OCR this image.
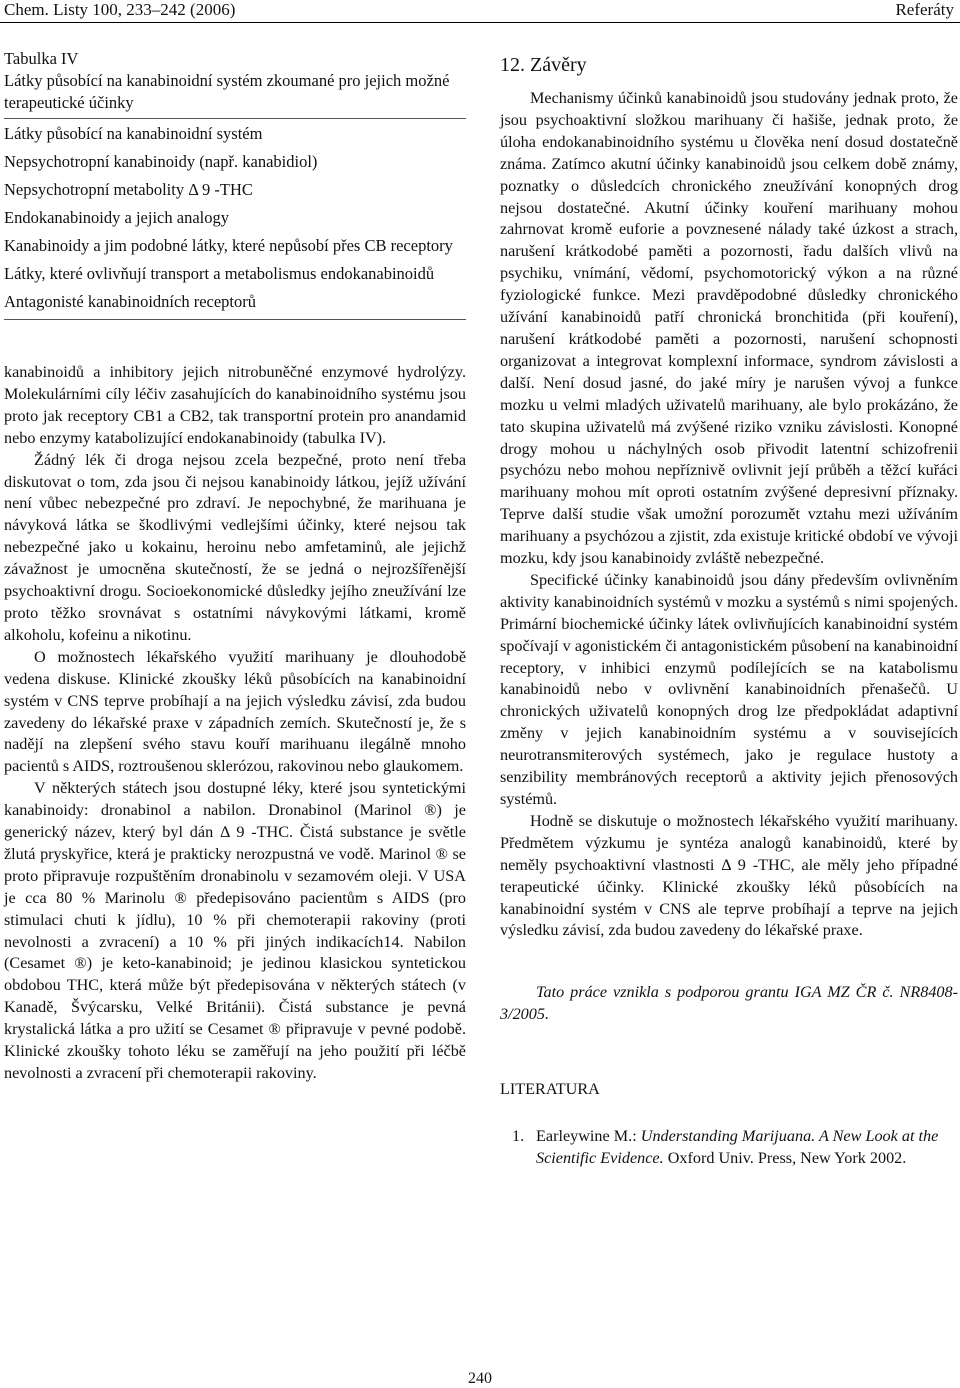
Chem. Listy 100, 233–242 (2006)	Referáty

Tabulka IV

Látky působící na kanabinoidní systém zkoumané pro jejich možné terapeutické účinky

Látky působící na kanabinoidní systém

Nepsychotropní kanabinoidy (např. kanabidiol)

Nepsychotropní metabolity Δ 9 -THC

Endokanabinoidy a jejich analogy

Kanabinoidy a jim podobné látky, které nepůsobí přes CB receptory

Látky, které ovlivňují transport a metabolismus endokanabinoidů

Antagonisté kanabinoidních receptorů

kanabinoidů a inhibitory jejich nitrobuněčné enzymové hydrolýzy. Molekulárními cíly léčiv zasahujících do kanabinoidního systému jsou proto jak receptory CB1 a CB2, tak transportní protein pro anandamid nebo enzymy katabolizující endokanabinoidy (tabulka IV).

Žádný lék či droga nejsou zcela bezpečné, proto není třeba diskutovat o tom, zda jsou či nejsou kanabinoidy látkou, jejíž užívání není vůbec nebezpečné pro zdraví. Je nepochybné, že marihuana je návyková látka se škodlivými vedlejšími účinky, které nejsou tak nebezpečné jako u kokainu, heroinu nebo amfetaminů, ale jejichž závažnost je umocněna skutečností, že se jedná o nejrozšířenější psychoaktivní drogu. Socioekonomické důsledky jejího zneužívání lze proto těžko srovnávat s ostatními návykovými látkami, kromě alkoholu, kofeinu a nikotinu.

O možnostech lékařského využití marihuany je dlouhodobě vedena diskuse. Klinické zkoušky léků působících na kanabinoidní systém v CNS teprve probíhají a na jejich výsledku závisí, zda budou zavedeny do lékařské praxe v západních zemích. Skutečností je, že s nadějí na zlepšení svého stavu kouří marihuanu ilegálně mnoho pacientů s AIDS, roztroušenou sklerózou, rakovinou nebo glaukomem.

V některých státech jsou dostupné léky, které jsou syntetickými kanabinoidy: dronabinol a nabilon. Dronabinol (Marinol ®) je generický název, který byl dán Δ 9 -THC. Čistá substance je světle žlutá pryskyřice, která je prakticky nerozpustná ve vodě. Marinol ® se proto připravuje rozpuštěním dronabinolu v sezamovém oleji. V USA je cca 80 % Marinolu ® předepisováno pacientům s AIDS (pro stimulaci chuti k jídlu), 10 % při chemoterapii rakoviny (proti nevolnosti a zvracení) a 10 % při jiných indikacích14. Nabilon (Cesamet ®) je keto-kanabinoid; je jedinou klasickou syntetickou obdobou THC, která může být předepisována v některých státech (v Kanadě, Švýcarsku, Velké Británii). Čistá substance je pevná krystalická látka a pro užití se Cesamet ® připravuje v pevné podobě. Klinické zkoušky tohoto léku se zaměřují na jeho použití při léčbě nevolnosti a zvracení při chemoterapii rakoviny.

12. Závěry

Mechanismy účinků kanabinoidů jsou studovány jednak proto, že jsou psychoaktivní složkou marihuany či hašiše, jednak proto, že úloha endokanabinoidního systému u člověka není dosud dostatečně známa. Zatímco akutní účinky kanabinoidů jsou celkem době známy, poznatky o důsledcích chronického zneužívání konopných drog nejsou dostatečné. Akutní účinky kouření marihuany mohou zahrnovat kromě euforie a povznesené nálady také úzkost a strach, narušení krátkodobé paměti a pozornosti, řadu dalších vlivů na psychiku, vnímání, vědomí, psychomotorický výkon a na různé fyziologické funkce. Mezi pravděpodobné důsledky chronického užívání kanabinoidů patří chronická bronchitida (při kouření), narušení krátkodobé paměti a pozornosti, narušení schopnosti organizovat a integrovat komplexní informace, syndrom závislosti a další. Není dosud jasné, do jaké míry je narušen vývoj a funkce mozku u velmi mladých uživatelů marihuany, ale bylo prokázáno, že tato skupina uživatelů má zvýšené riziko vzniku závislosti. Konopné drogy mohou u náchylných osob přivodit latentní schizofrenii psychózu nebo mohou nepříznivě ovlivnit její průběh a těžcí kuřáci marihuany mohou mít oproti ostatním zvýšené depresivní příznaky. Teprve další studie však umožní porozumět vztahu mezi užíváním marihuany a psychózou a zjistit, zda existuje kritické období ve vývoji mozku, kdy jsou kanabinoidy zvláště nebezpečné.

Specifické účinky kanabinoidů jsou dány především ovlivněním aktivity kanabinoidních systémů v mozku a systémů s nimi spojených. Primární biochemické účinky látek ovlivňujících kanabinoidní systém spočívají v agonistickém či antagonistickém působení na kanabinoidní receptory, v inhibici enzymů podílejících se na katabolismu kanabinoidů nebo v ovlivnění kanabinoidních přenašečů. U chronických uživatelů konopných drog lze předpokládat adaptivní změny v jejich kanabinoidním systému a v souvisejících neurotransmiterových systémech, jako je regulace hustoty a senzibility membránových receptorů a aktivity jejich přenosových systémů.

Hodně se diskutuje o možnostech lékařského využití marihuany. Předmětem výzkumu je syntéza analogů kanabinoidů, které by neměly psychoaktivní vlastnosti Δ 9 -THC, ale měly jeho případné terapeutické účinky. Klinické zkoušky léků působících na kanabinoidní systém v CNS ale teprve probíhají a teprve na jejich výsledku závisí, zda budou zavedeny do lékařské praxe.

Tato práce vznikla s podporou grantu IGA MZ ČR č. NR8408-3/2005.

LITERATURA

1. Earleywine M.: Understanding Marijuana. A New Look at the Scientific Evidence. Oxford Univ. Press, New York 2002.
240
